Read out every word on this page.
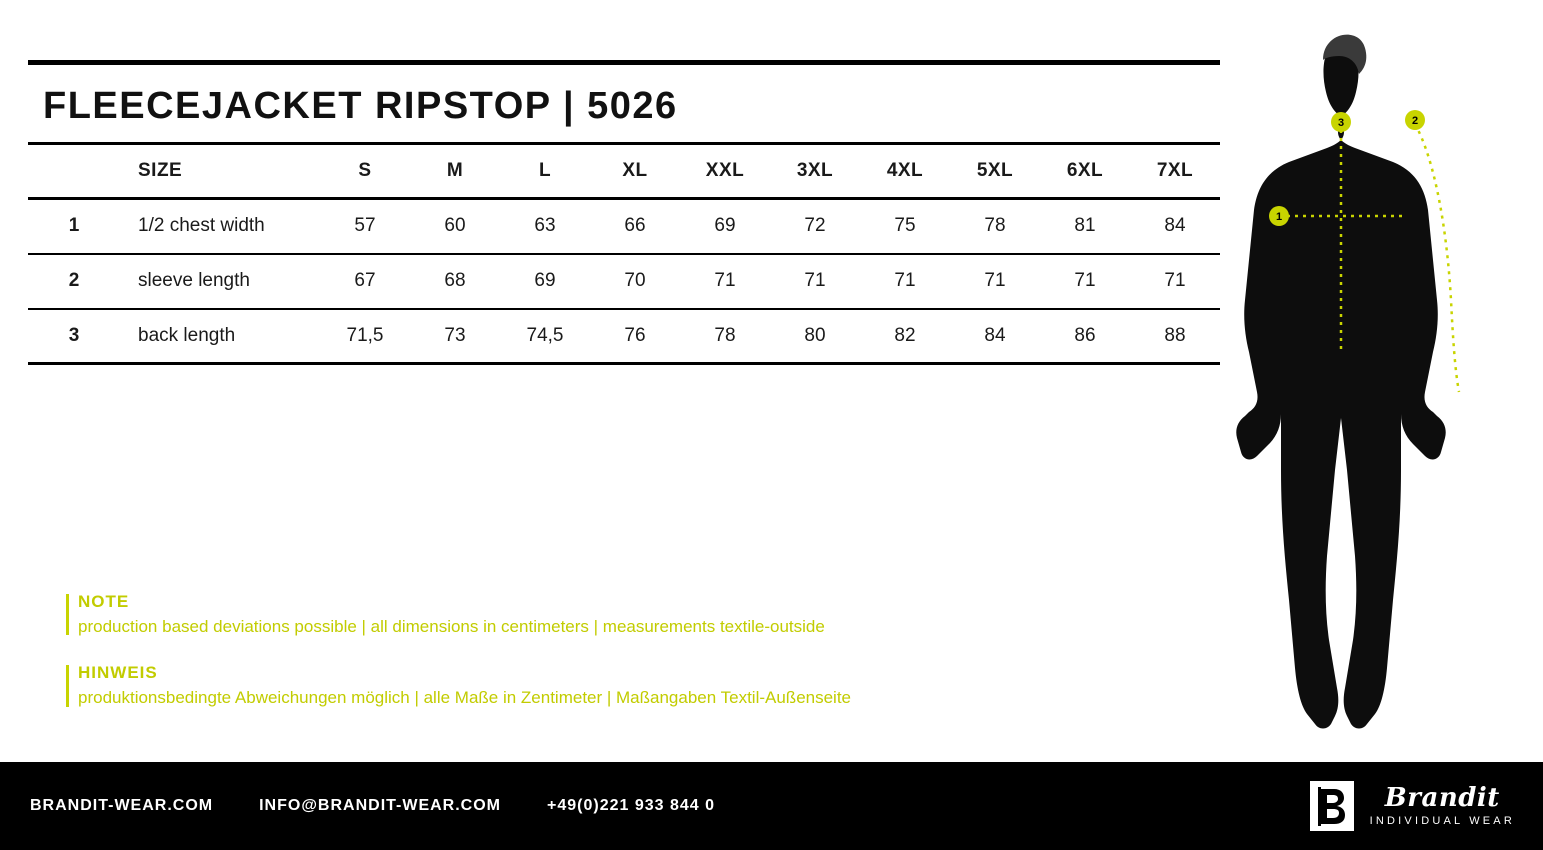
FLEECEJACKET RIPSTOP | 5026
	SIZE	S	M	L	XL	XXL	3XL	4XL	5XL	6XL	7XL
1	1/2 chest width	57	60	63	66	69	72	75	78	81	84
2	sleeve length	67	68	69	70	71	71	71	71	71	71
3	back length	71,5	73	74,5	76	78	80	82	84	86	88
NOTE
production based deviations possible | all dimensions in centimeters | measurements textile-outside
HINWEIS
produktionsbedingte Abweichungen möglich | alle Maße in Zentimeter | Maßangaben Textil-Außenseite
1
2
3
BRANDIT-WEAR.COM	INFO@BRANDIT-WEAR.COM	+49(0)221 933 844 0	Brandit
INDIVIDUAL WEAR
